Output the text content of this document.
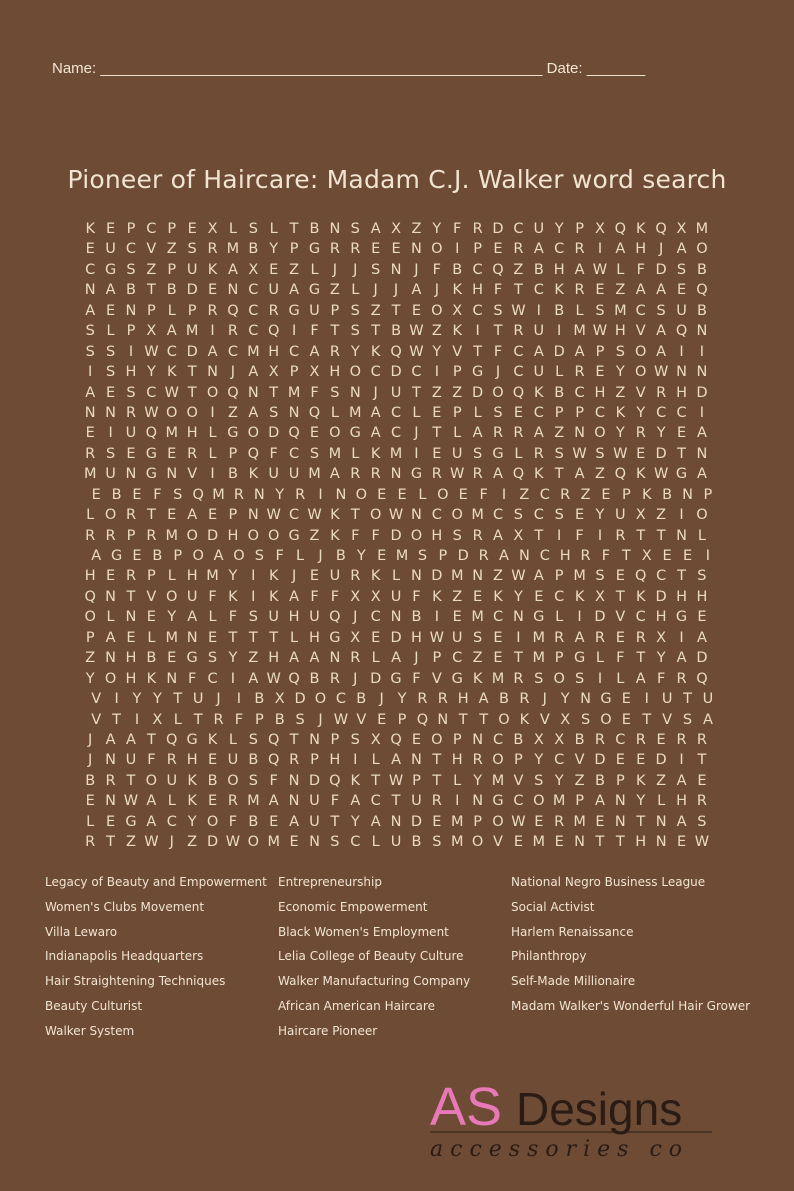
Name: _____________________________________________________ Date: _______
Pioneer of Haircare: Madam C.J. Walker word search
K E P C P E X L S L T B N S A X Z Y F R D C U Y P X Q K Q X M
E U C V Z S R M B Y P G R R E E N O I P E R A C R I A H J A O
C G S Z P U K A X E Z L J J S N J F B C Q Z B H A W L F D S B
N A B T B D E N C U A G Z L J J A J K H F T C K R E Z A A E Q
A E N P L P R Q C R G U P S Z T E O X C S W I B L S M C S U B
S L P X A M I R C Q I F T S T B W Z K I T R U I M W H V A Q N
S S I W C D A C M H C A R Y K Q W Y V T F C A D A P S O A I I
I S H Y K T N J A X P X H O C D C I P G J C U L R E Y O W N N
A E S C W T O Q N T M F S N J U T Z Z D O Q K B C H Z V R H D
N N R W O O I Z A S N Q L M A C L E P L S E C P P C K Y C C I
E I U Q M H L G O D Q E O G A C J T L A R R A Z N O Y R Y E A
R S E G E R L P Q F C S M L K M I E U S G L R S W S W E D T N
M U N G N V I B K U U M A R R N G R W R A Q K T A Z Q K W G A
E B E F S Q M R N Y R I N O E E L O E F I Z C R Z E P K B N P
L O R T E A E P N W C W K T O W N C O M C S C S E Y U X Z I O
R R P R M O D H O O G Z K F F D O H S R A X T I F I R T T N L
A G E B P O A O S F L J B Y E M S P D R A N C H R F T X E E I
H E R P L H M Y I K J E U R K L N D M N Z W A P M S E Q C T S
Q N T V O U F K I K A F F X X U F K Z E K Y E C K X T K D H H
O L N E Y A L F S U H U Q J C N B I E M C N G L I D V C H G E
P A E L M N E T T T L H G X E D H W U S E I M R A R E R X I A
Z N H B E G S Y Z H A A N R L A J P C Z E T M P G L F T Y A D
Y O H K N F C I A W Q B R J D G F V G K M R S O S I L A F R Q
V I Y Y T U J I B X D O C B J Y R R H A B R J Y N G E I U T U
V T I X L T R F P B S J W V E P Q N T T O K V X S O E T V S A
J A A T Q G K L S Q T N P S X Q E O P N C B X X B R C R E R R
J N U F R H E U B Q R P H I L A N T H R O P Y C V D E E D I T
B R T O U K B O S F N D Q K T W P T L Y M V S Y Z B P K Z A E
E N W A L K E R M A N U F A C T U R I N G C O M P A N Y L H R
L E G A C Y O F B E A U T Y A N D E M P O W E R M E N T N A S
R T Z W J Z D W O M E N S C L U B S M O V E M E N T T H N E W
Legacy of Beauty and Empowerment
Women's Clubs Movement
Villa Lewaro
Indianapolis Headquarters
Hair Straightening Techniques
Beauty Culturist
Walker System
Entrepreneurship
Economic Empowerment
Black Women's Employment
Lelia College of Beauty Culture
Walker Manufacturing Company
African American Haircare
Haircare Pioneer
National Negro Business League
Social Activist
Harlem Renaissance
Philanthropy
Self-Made Millionaire
Madam Walker's Wonderful Hair Grower
AS Designs
accessories co
